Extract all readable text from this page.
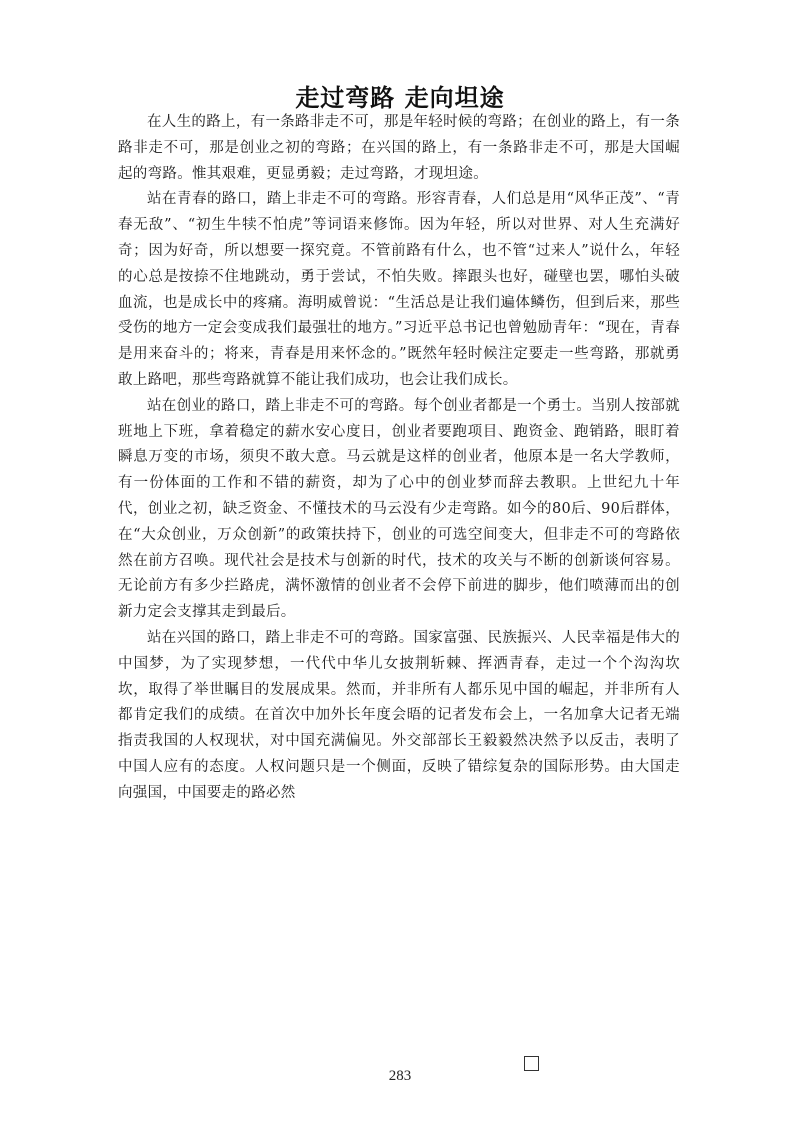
走过弯路 走向坦途

在人生的路上，有一条路非走不可，那是年轻时候的弯路；在创业的路上，有一条路非走不可，那是创业之初的弯路；在兴国的路上，有一条路非走不可，那是大国崛起的弯路。惟其艰难，更显勇毅；走过弯路，才现坦途。

站在青春的路口，踏上非走不可的弯路。形容青春，人们总是用“风华正茂”、“青春无敌”、“初生牛犊不怕虎”等词语来修饰。因为年轻，所以对世界、对人生充满好奇；因为好奇，所以想要一探究竟。不管前路有什么，也不管“过来人”说什么，年轻的心总是按捺不住地跳动，勇于尝试，不怕失败。摔跟头也好，碰壁也罢，哪怕头破血流，也是成长中的疼痛。海明威曾说：“生活总是让我们遍体鳞伤，但到后来，那些受伤的地方一定会变成我们最强壮的地方。”习近平总书记也曾勉励青年：“现在，青春是用来奋斗的；将来，青春是用来怀念的。”既然年轻时候注定要走一些弯路，那就勇敢上路吧，那些弯路就算不能让我们成功，也会让我们成长。

站在创业的路口，踏上非走不可的弯路。每个创业者都是一个勇士。当别人按部就班地上下班，拿着稳定的薪水安心度日，创业者要跑项目、跑资金、跑销路，眼盯着瞬息万变的市场，须臾不敢大意。马云就是这样的创业者，他原本是一名大学教师，有一份体面的工作和不错的薪资，却为了心中的创业梦而辞去教职。上世纪九十年代，创业之初，缺乏资金、不懂技术的马云没有少走弯路。如今的80后、90后群体，在“大众创业，万众创新”的政策扶持下，创业的可选空间变大，但非走不可的弯路依然在前方召唤。现代社会是技术与创新的时代，技术的攻关与不断的创新谈何容易。无论前方有多少拦路虎，满怀激情的创业者不会停下前进的脚步，他们喷薄而出的创新力定会支撑其走到最后。

站在兴国的路口，踏上非走不可的弯路。国家富强、民族振兴、人民幸福是伟大的中国梦，为了实现梦想，一代代中华儿女披荆斩棘、挥洒青春，走过一个个沟沟坎坎，取得了举世瞩目的发展成果。然而，并非所有人都乐见中国的崛起，并非所有人都肯定我们的成绩。在首次中加外长年度会晤的记者发布会上，一名加拿大记者无端指责我国的人权现状，对中国充满偏见。外交部部长王毅毅然决然予以反击，表明了中国人应有的态度。人权问题只是一个侧面，反映了错综复杂的国际形势。由大国走向强国，中国要走的路必然

283
